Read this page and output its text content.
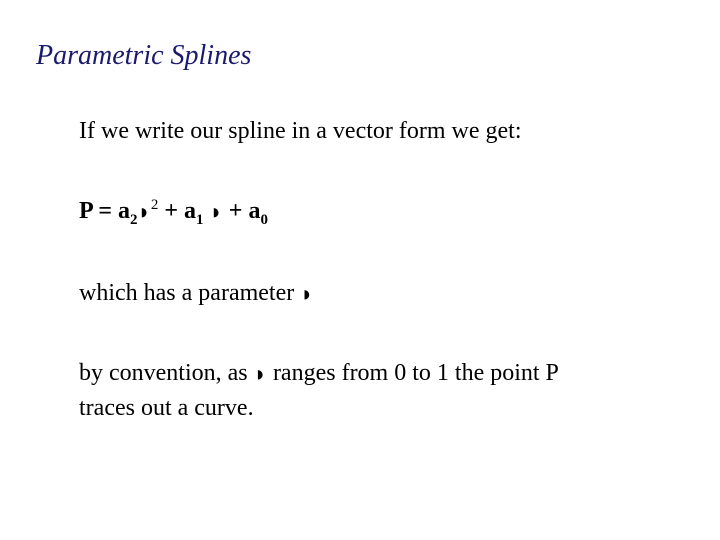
Parametric Splines
If we write our spline in a vector form we get:
$P = a_2◗^2 + a_1$ ◗ + $a_0$
which has a parameter ◗
by convention, as ◗ ranges from 0 to 1 the point P
traces out a curve.
